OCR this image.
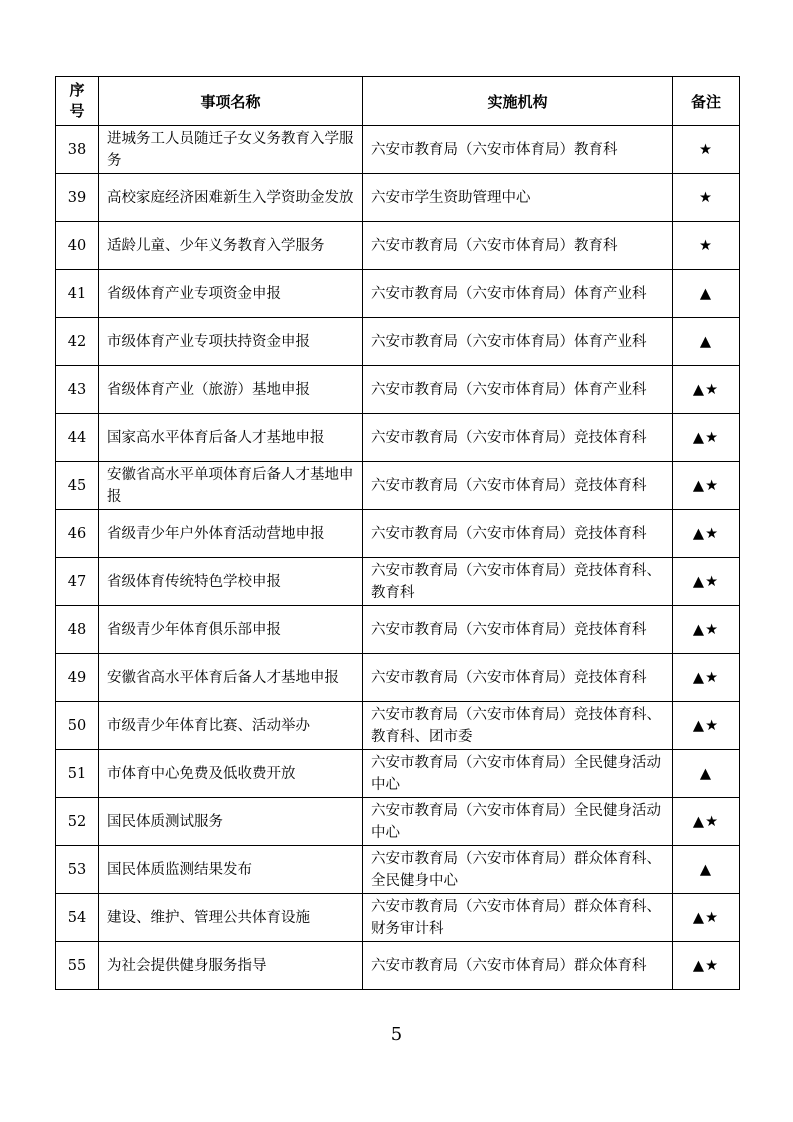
序
号	事项名称	实施机构	备注
38	进城务工人员随迁子女义务教育入学服务	六安市教育局（六安市体育局）教育科	★
39	高校家庭经济困难新生入学资助金发放	六安市学生资助管理中心	★
40	适龄儿童、少年义务教育入学服务	六安市教育局（六安市体育局）教育科	★
41	省级体育产业专项资金申报	六安市教育局（六安市体育局）体育产业科	▲
42	市级体育产业专项扶持资金申报	六安市教育局（六安市体育局）体育产业科	▲
43	省级体育产业（旅游）基地申报	六安市教育局（六安市体育局）体育产业科	▲★
44	国家高水平体育后备人才基地申报	六安市教育局（六安市体育局）竞技体育科	▲★
45	安徽省高水平单项体育后备人才基地申报	六安市教育局（六安市体育局）竞技体育科	▲★
46	省级青少年户外体育活动营地申报	六安市教育局（六安市体育局）竞技体育科	▲★
47	省级体育传统特色学校申报	六安市教育局（六安市体育局）竞技体育科、教育科	▲★
48	省级青少年体育俱乐部申报	六安市教育局（六安市体育局）竞技体育科	▲★
49	安徽省高水平体育后备人才基地申报	六安市教育局（六安市体育局）竞技体育科	▲★
50	市级青少年体育比赛、活动举办	六安市教育局（六安市体育局）竞技体育科、教育科、团市委	▲★
51	市体育中心免费及低收费开放	六安市教育局（六安市体育局）全民健身活动中心	▲
52	国民体质测试服务	六安市教育局（六安市体育局）全民健身活动中心	▲★
53	国民体质监测结果发布	六安市教育局（六安市体育局）群众体育科、全民健身中心	▲
54	建设、维护、管理公共体育设施	六安市教育局（六安市体育局）群众体育科、财务审计科	▲★
55	为社会提供健身服务指导	六安市教育局（六安市体育局）群众体育科	▲★
5
